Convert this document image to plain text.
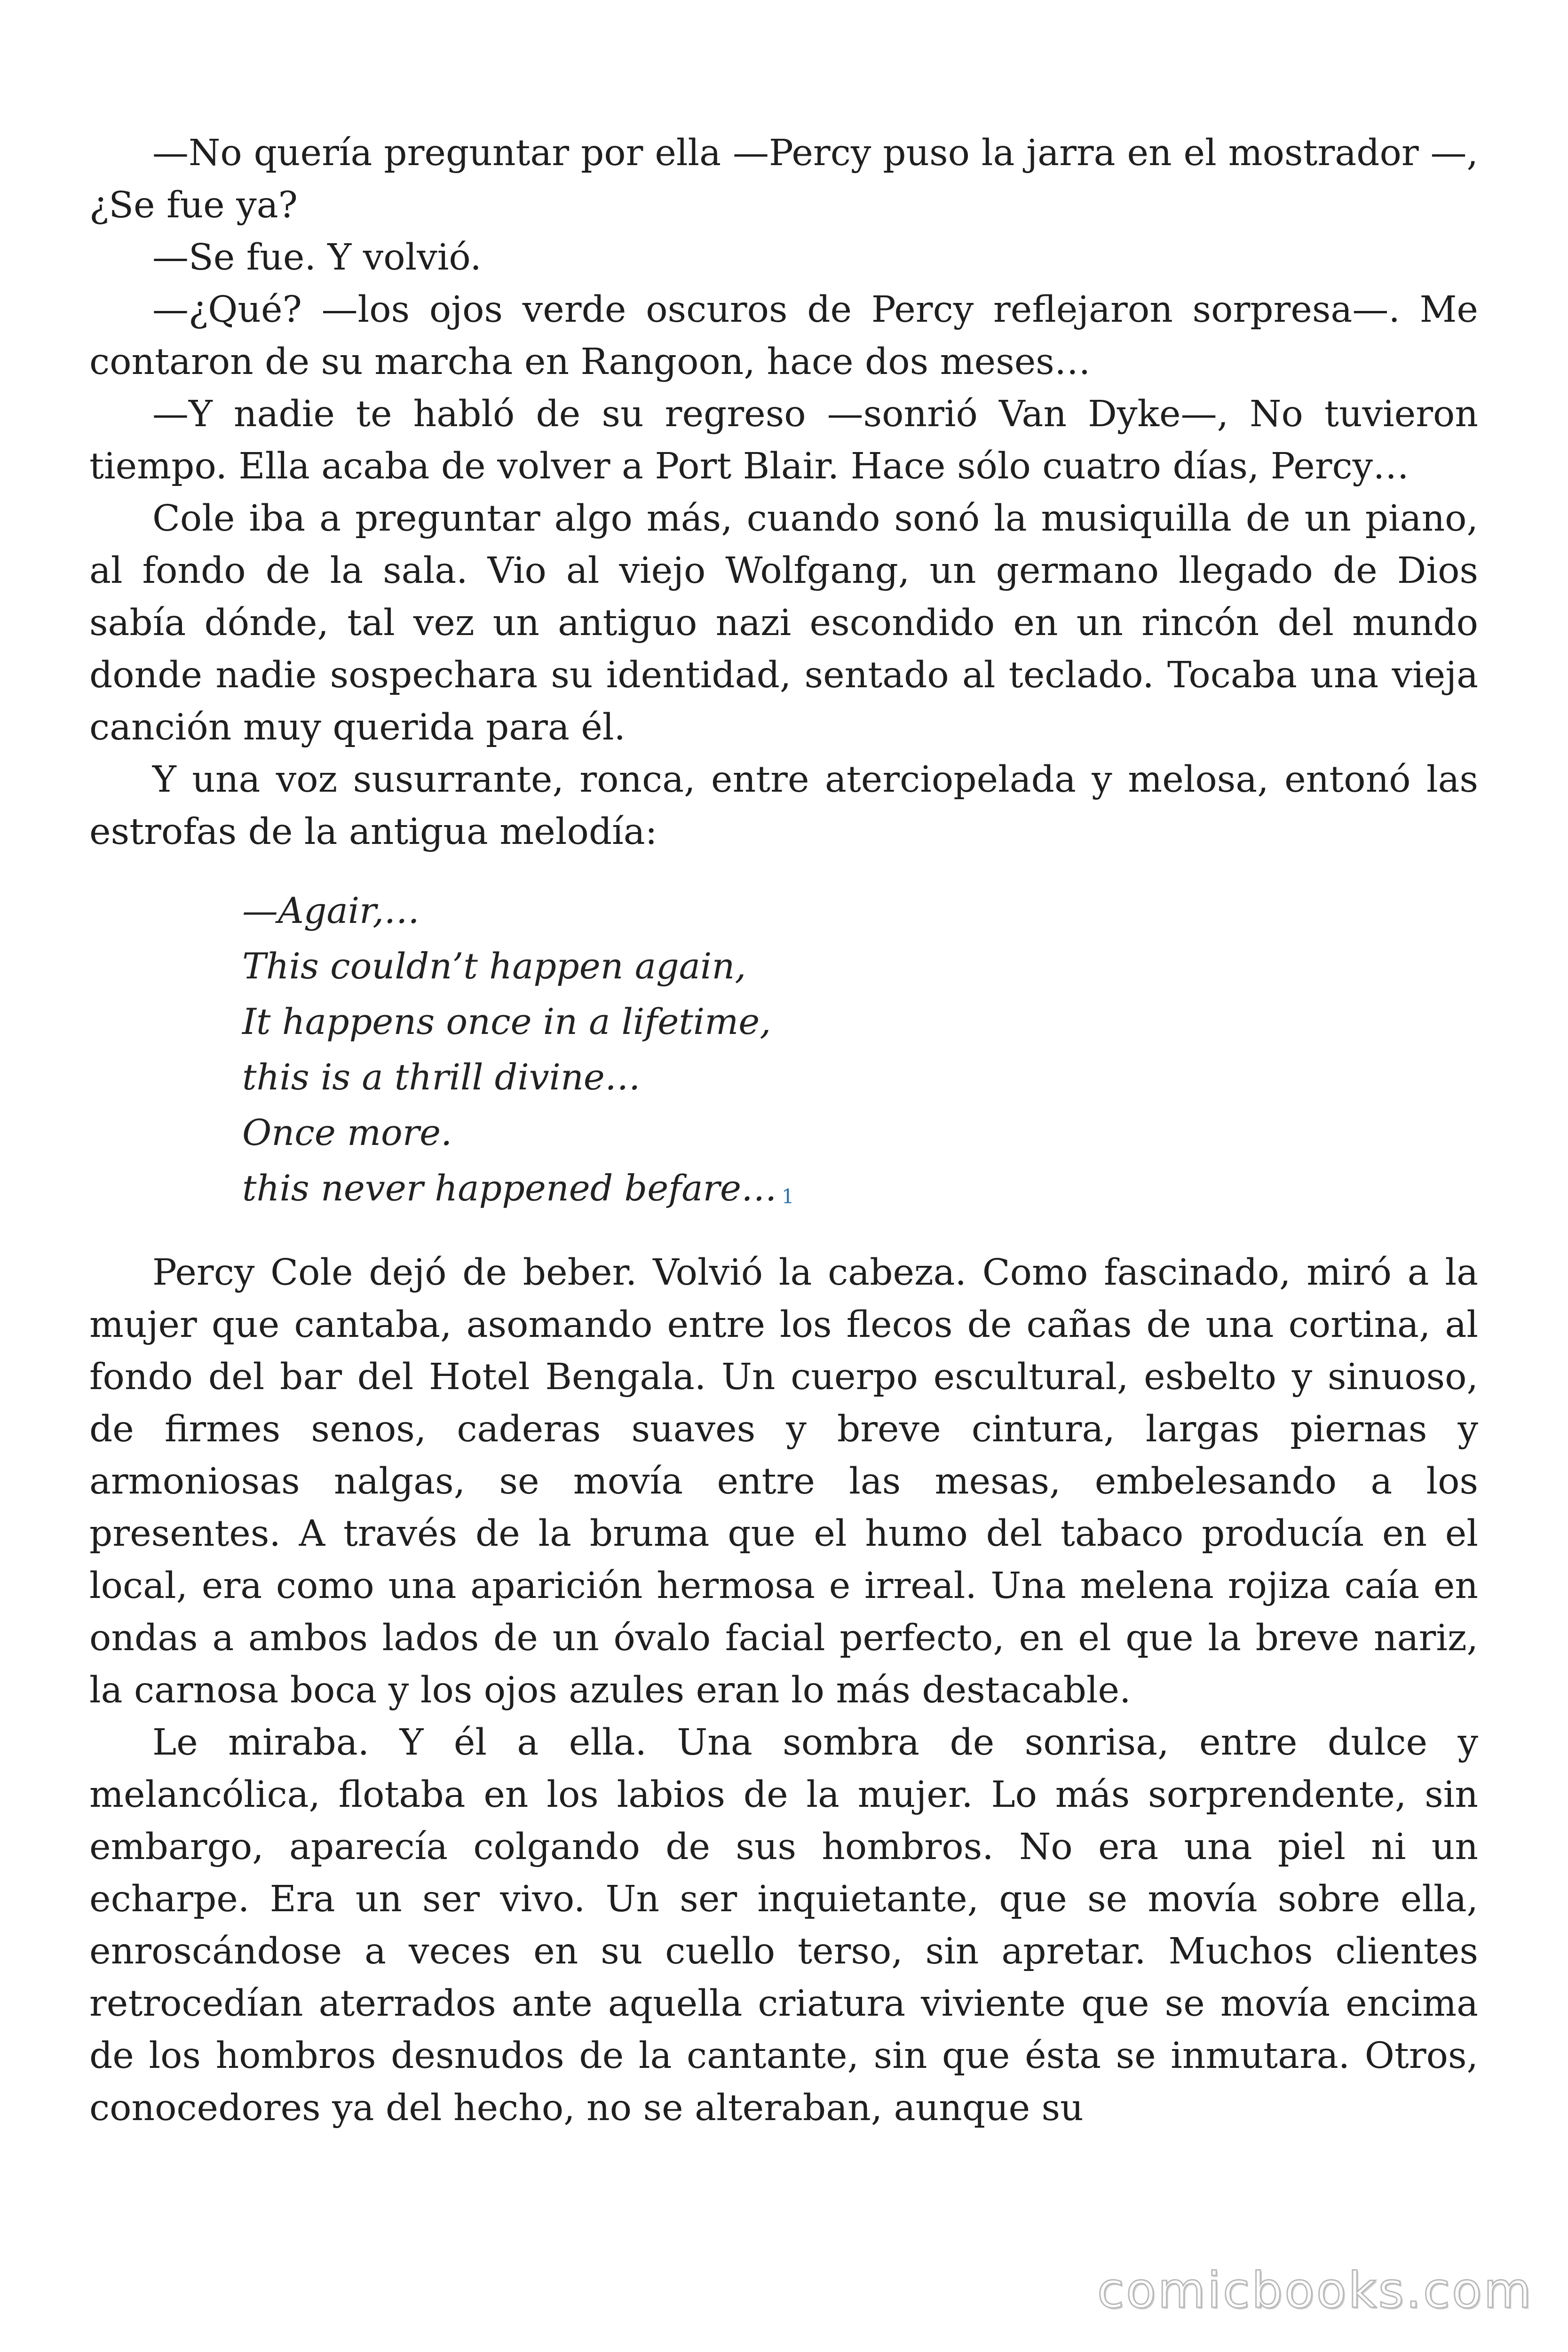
—No quería preguntar por ella —Percy puso la jarra en el mostrador —, ¿Se fue ya?

—Se fue. Y volvió.

—¿Qué? —los ojos verde oscuros de Percy reflejaron sorpresa—. Me contaron de su marcha en Rangoon, hace dos meses…

—Y nadie te habló de su regreso —sonrió Van Dyke—, No tuvieron tiempo. Ella acaba de volver a Port Blair. Hace sólo cuatro días, Percy…

Cole iba a preguntar algo más, cuando sonó la musiquilla de un piano, al fondo de la sala. Vio al viejo Wolfgang, un germano llegado de Dios sabía dónde, tal vez un antiguo nazi escondido en un rincón del mundo donde nadie sospechara su identidad, sentado al teclado. Tocaba una vieja canción muy querida para él.

Y una voz susurrante, ronca, entre aterciopelada y melosa, entonó las estrofas de la antigua melodía:

—Agair,…
This couldn’t happen again,
It happens once in a lifetime,
this is a thrill divine…
Once more.
this never happened befare… 1

Percy Cole dejó de beber. Volvió la cabeza. Como fascinado, miró a la mujer que cantaba, asomando entre los flecos de cañas de una cortina, al fondo del bar del Hotel Bengala. Un cuerpo escultural, esbelto y sinuoso, de firmes senos, caderas suaves y breve cintura, largas piernas y armoniosas nalgas, se movía entre las mesas, embelesando a los presentes. A través de la bruma que el humo del tabaco producía en el local, era como una aparición hermosa e irreal. Una melena rojiza caía en ondas a ambos lados de un óvalo facial perfecto, en el que la breve nariz, la carnosa boca y los ojos azules eran lo más destacable.

Le miraba. Y él a ella. Una sombra de sonrisa, entre dulce y melancólica, flotaba en los labios de la mujer. Lo más sorprendente, sin embargo, aparecía colgando de sus hombros. No era una piel ni un echarpe. Era un ser vivo. Un ser inquietante, que se movía sobre ella, enroscándose a veces en su cuello terso, sin apretar. Muchos clientes retrocedían aterrados ante aquella criatura viviente que se movía encima de los hombros desnudos de la cantante, sin que ésta se inmutara. Otros, conocedores ya del hecho, no se alteraban, aunque su

comicbooks.com
